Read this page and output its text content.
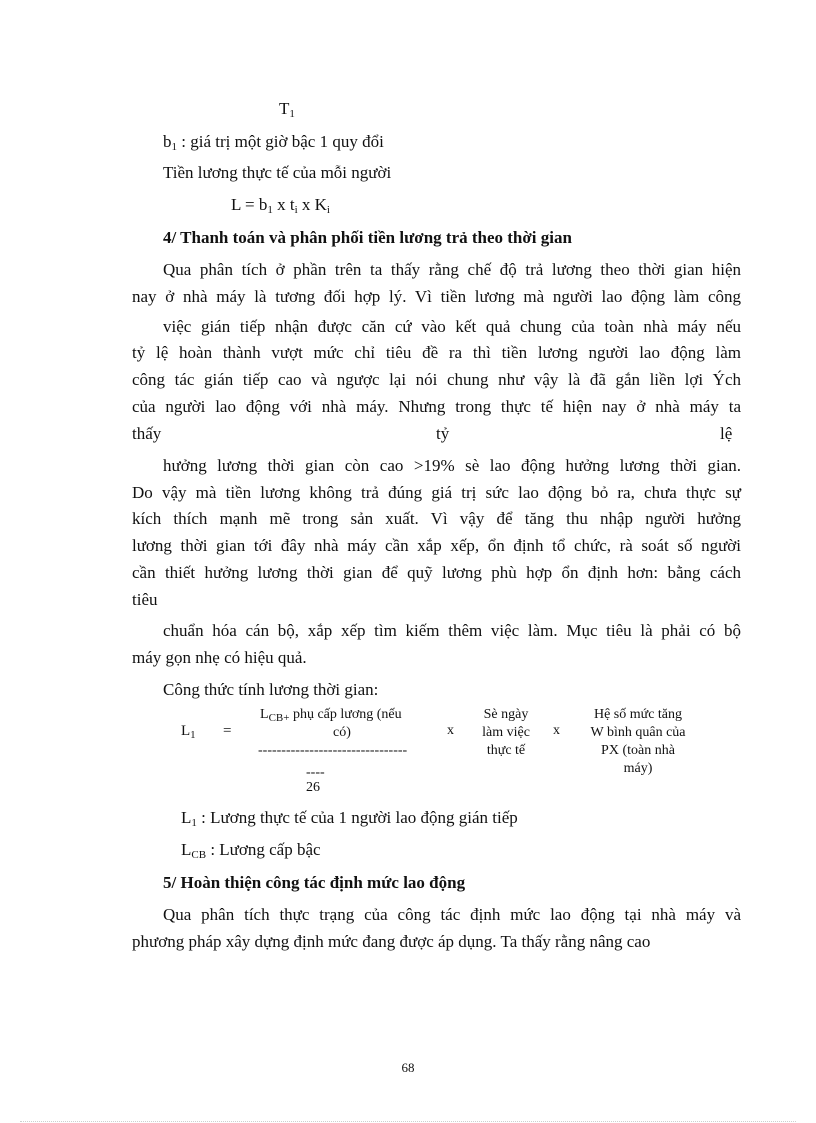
$T_1$
$b_1$ : giá trị một giờ bậc 1 quy đổi
Tiền lương thực tế của mỗi người
$L = b_1$ x $t_i$ x $K_i$
4/ Thanh toán và phân phối tiền lương trả theo thời gian
Qua phân tích ở phần trên ta thấy rằng chế độ trả lương theo thời gian hiện
nay ở nhà máy là tương đối hợp lý. Vì tiền lương mà người lao động làm công
việc gián tiếp nhận được căn cứ vào kết quả chung của toàn nhà máy nếu
tỷ lệ hoàn thành vượt mức chỉ tiêu đề ra thì tiền lương người lao động làm
công tác gián tiếp cao và ngược lại nói chung như vậy là đã gắn liền lợi Ých
của người lao động với nhà máy. Nhưng trong thực tế hiện nay ở nhà máy ta
thấy	tỷ	lệ
hưởng lương thời gian còn cao >19% sè lao động hưởng lương thời gian.
Do vậy mà tiền lương không trả đúng giá trị sức lao động bỏ ra, chưa thực sự
kích thích mạnh mẽ trong sản xuất. Vì vậy để tăng thu nhập người hưởng
lương thời gian tới đây nhà máy cần xắp xếp, ổn định tổ chức, rà soát số người
cần thiết hưởng lương thời gian để quỹ lương phù hợp ổn định hơn: bằng cách
tiêu
chuẩn hóa cán bộ, xắp xếp tìm kiếm thêm việc làm. Mục tiêu là phải có bộ
máy gọn nhẹ có hiệu quả.
Công thức tính lương thời gian:
$L_1$ =
$L_{CB+}$ phụ cấp lương (nếu
có)
--------------------------------
----
26
x
Sè ngày
làm việc
thực tế
x
Hệ số mức tăng
W bình quân của
PX (toàn nhà
máy)
$L_1$ : Lương thực tế của 1 người lao động gián tiếp
$L_{CB}$ : Lương cấp bậc
5/ Hoàn thiện công tác định mức lao động
Qua phân tích thực trạng của công tác định mức lao động tại nhà máy và
phương pháp xây dựng định mức đang được áp dụng. Ta thấy rằng nâng cao
68
